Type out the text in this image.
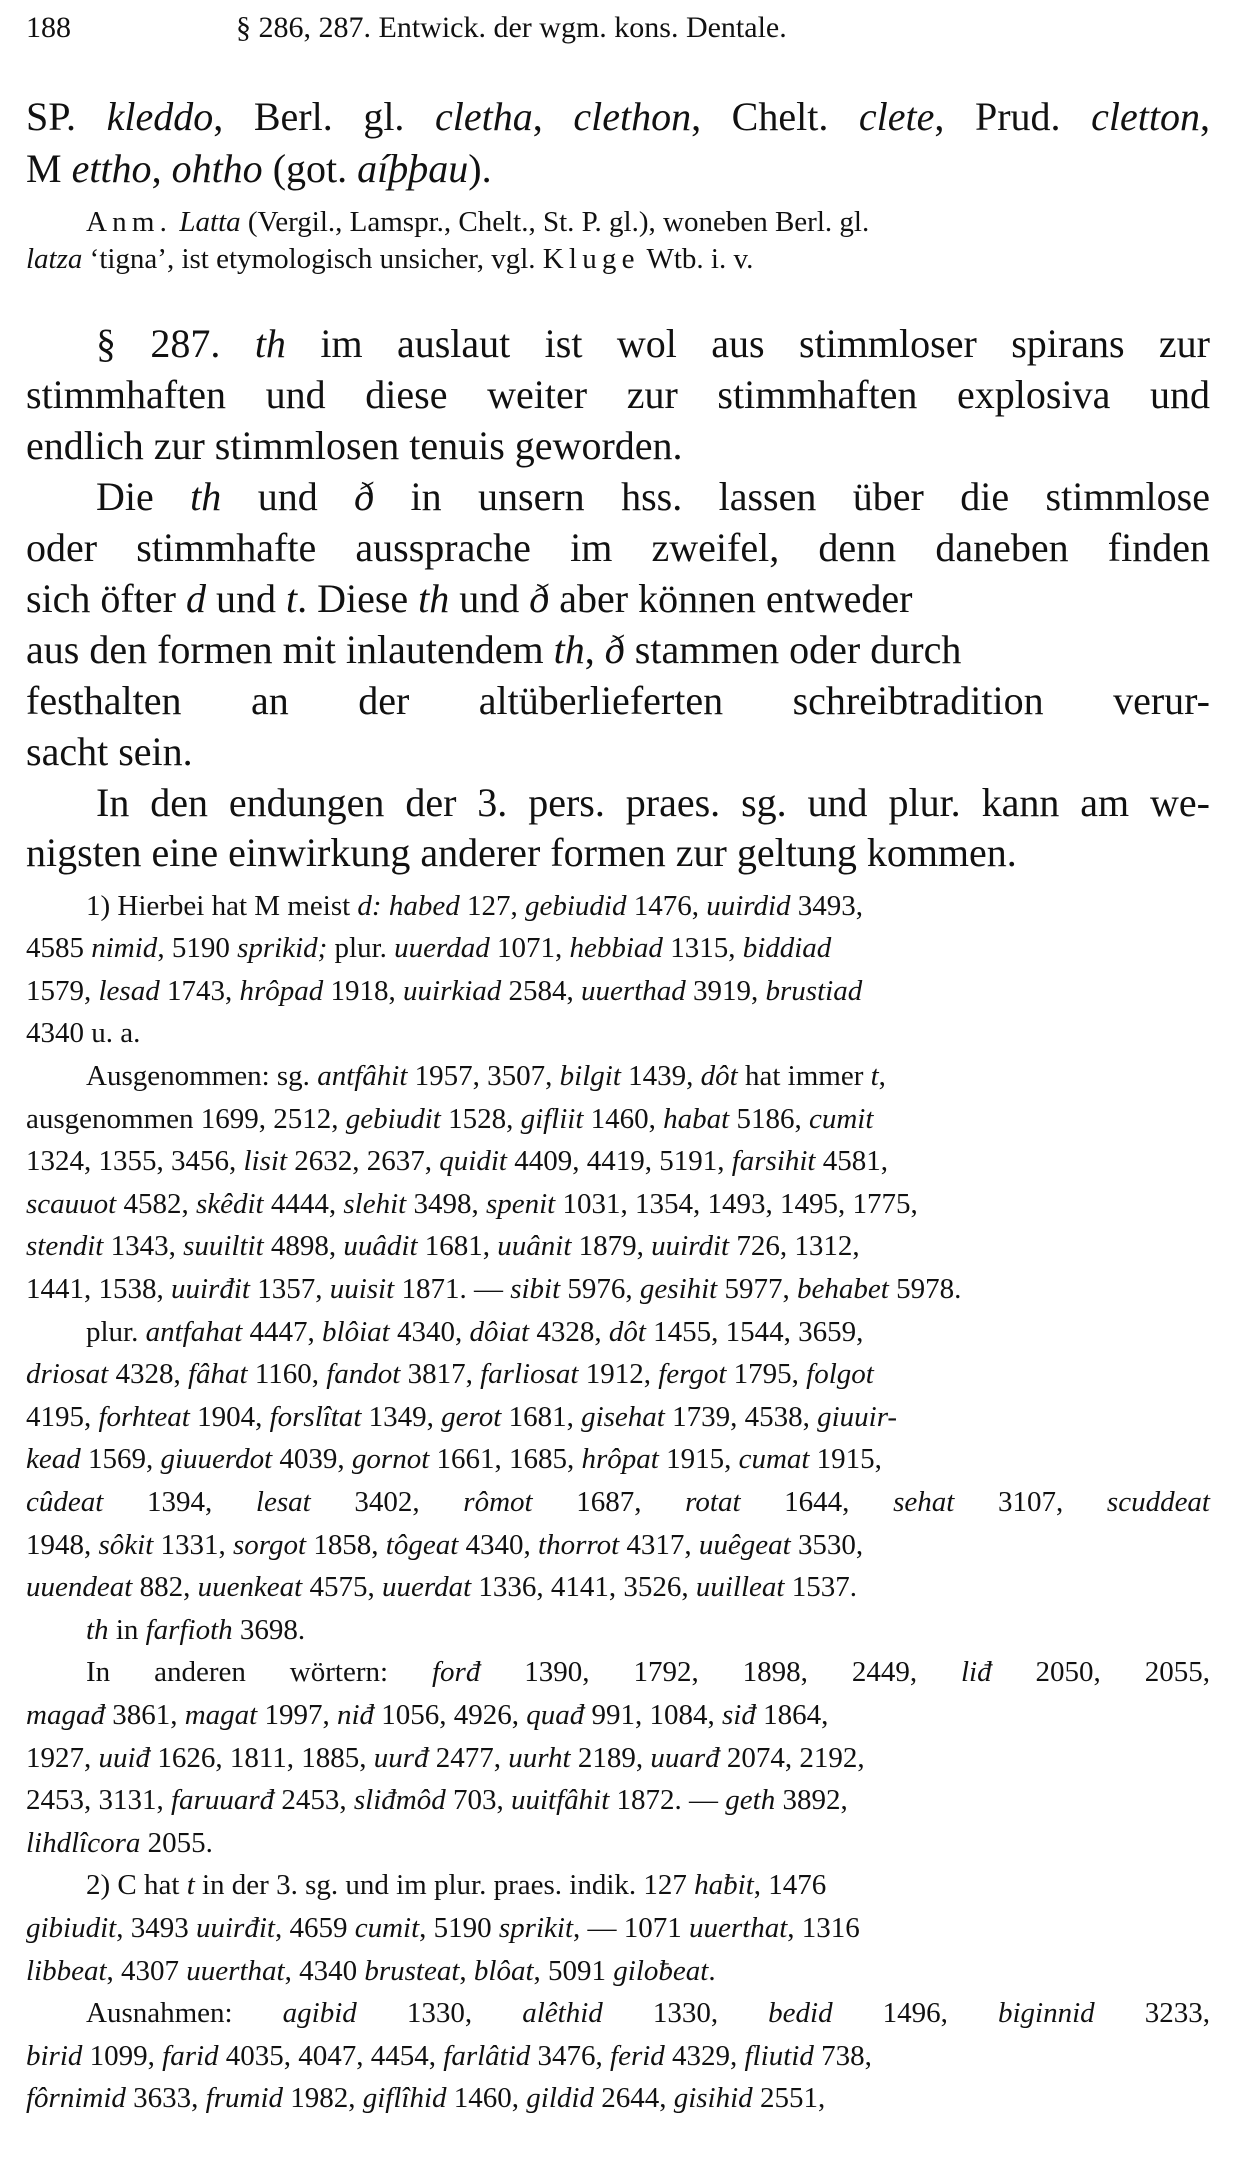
188	§ 286, 287. Entwick. der wgm. kons. Dentale.
SP. kleddo, Berl. gl. cletha, clethon, Chelt. clete, Prud. cletton,
M ettho, ohtho (got. aíþþau).
Anm. Latta (Vergil., Lamspr., Chelt., St. P. gl.), woneben Berl. gl.
latza ‘tigna’, ist etymologisch unsicher, vgl. Kluge Wtb. i. v.
§ 287. th im auslaut ist wol aus stimmloser spirans zur
stimmhaften und diese weiter zur stimmhaften explosiva und
endlich zur stimmlosen tenuis geworden.
Die th und ð in unsern hss. lassen über die stimmlose
oder stimmhafte aussprache im zweifel, denn daneben finden
sich öfter d und t. Diese th und ð aber können entweder
aus den formen mit inlautendem th, ð stammen oder durch
festhalten an der altüberlieferten schreibtradition verur-
sacht sein.
In den endungen der 3. pers. praes. sg. und plur. kann am we-
nigsten eine einwirkung anderer formen zur geltung kommen.
1) Hierbei hat M meist d: habed 127, gebiudid 1476, uuirdid 3493,
4585 nimid, 5190 sprikid; plur. uuerdad 1071, hebbiad 1315, biddiad
1579, lesad 1743, hrôpad 1918, uuirkiad 2584, uuerthad 3919, brustiad
4340 u. a.
Ausgenommen: sg. antfâhit 1957, 3507, bilgit 1439, dôt hat immer t,
ausgenommen 1699, 2512, gebiudit 1528, gifliit 1460, habat 5186, cumit
1324, 1355, 3456, lisit 2632, 2637, quidit 4409, 4419, 5191, farsihit 4581,
scauuot 4582, skêdit 4444, slehit 3498, spenit 1031, 1354, 1493, 1495, 1775,
stendit 1343, suuiltit 4898, uuâdit 1681, uuânit 1879, uuirdit 726, 1312,
1441, 1538, uuirđit 1357, uuisit 1871. — sibit 5976, gesihit 5977, behabet 5978.
plur. antfahat 4447, blôiat 4340, dôiat 4328, dôt 1455, 1544, 3659,
driosat 4328, fâhat 1160, fandot 3817, farliosat 1912, fergot 1795, folgot
4195, forhteat 1904, forslîtat 1349, gerot 1681, gisehat 1739, 4538, giuuir-
kead 1569, giuuerdot 4039, gornot 1661, 1685, hrôpat 1915, cumat 1915,
cûdeat 1394, lesat 3402, rômot 1687, rotat 1644, sehat 3107, scuddeat
1948, sôkit 1331, sorgot 1858, tôgeat 4340, thorrot 4317, uuêgeat 3530,
uuendeat 882, uuenkeat 4575, uuerdat 1336, 4141, 3526, uuilleat 1537.
th in farfioth 3698.
In anderen wörtern: forđ 1390, 1792, 1898, 2449, liđ 2050, 2055,
magađ 3861, magat 1997, niđ 1056, 4926, quađ 991, 1084, siđ 1864,
1927, uuiđ 1626, 1811, 1885, uurđ 2477, uurht 2189, uuarđ 2074, 2192,
2453, 3131, faruuarđ 2453, sliđmôd 703, uuitfâhit 1872. — geth 3892,
lihdlîcora 2055.
2) C hat t in der 3. sg. und im plur. praes. indik. 127 haƀit, 1476
gibiudit, 3493 uuirđit, 4659 cumit, 5190 sprikit, — 1071 uuerthat, 1316
libbeat, 4307 uuerthat, 4340 brusteat, blôat, 5091 giloƀeat.
Ausnahmen: agibid 1330, alêthid 1330, bedid 1496, biginnid 3233,
birid 1099, farid 4035, 4047, 4454, farlâtid 3476, ferid 4329, fliutid 738,
fôrnimid 3633, frumid 1982, giflîhid 1460, gildid 2644, gisihid 2551,
